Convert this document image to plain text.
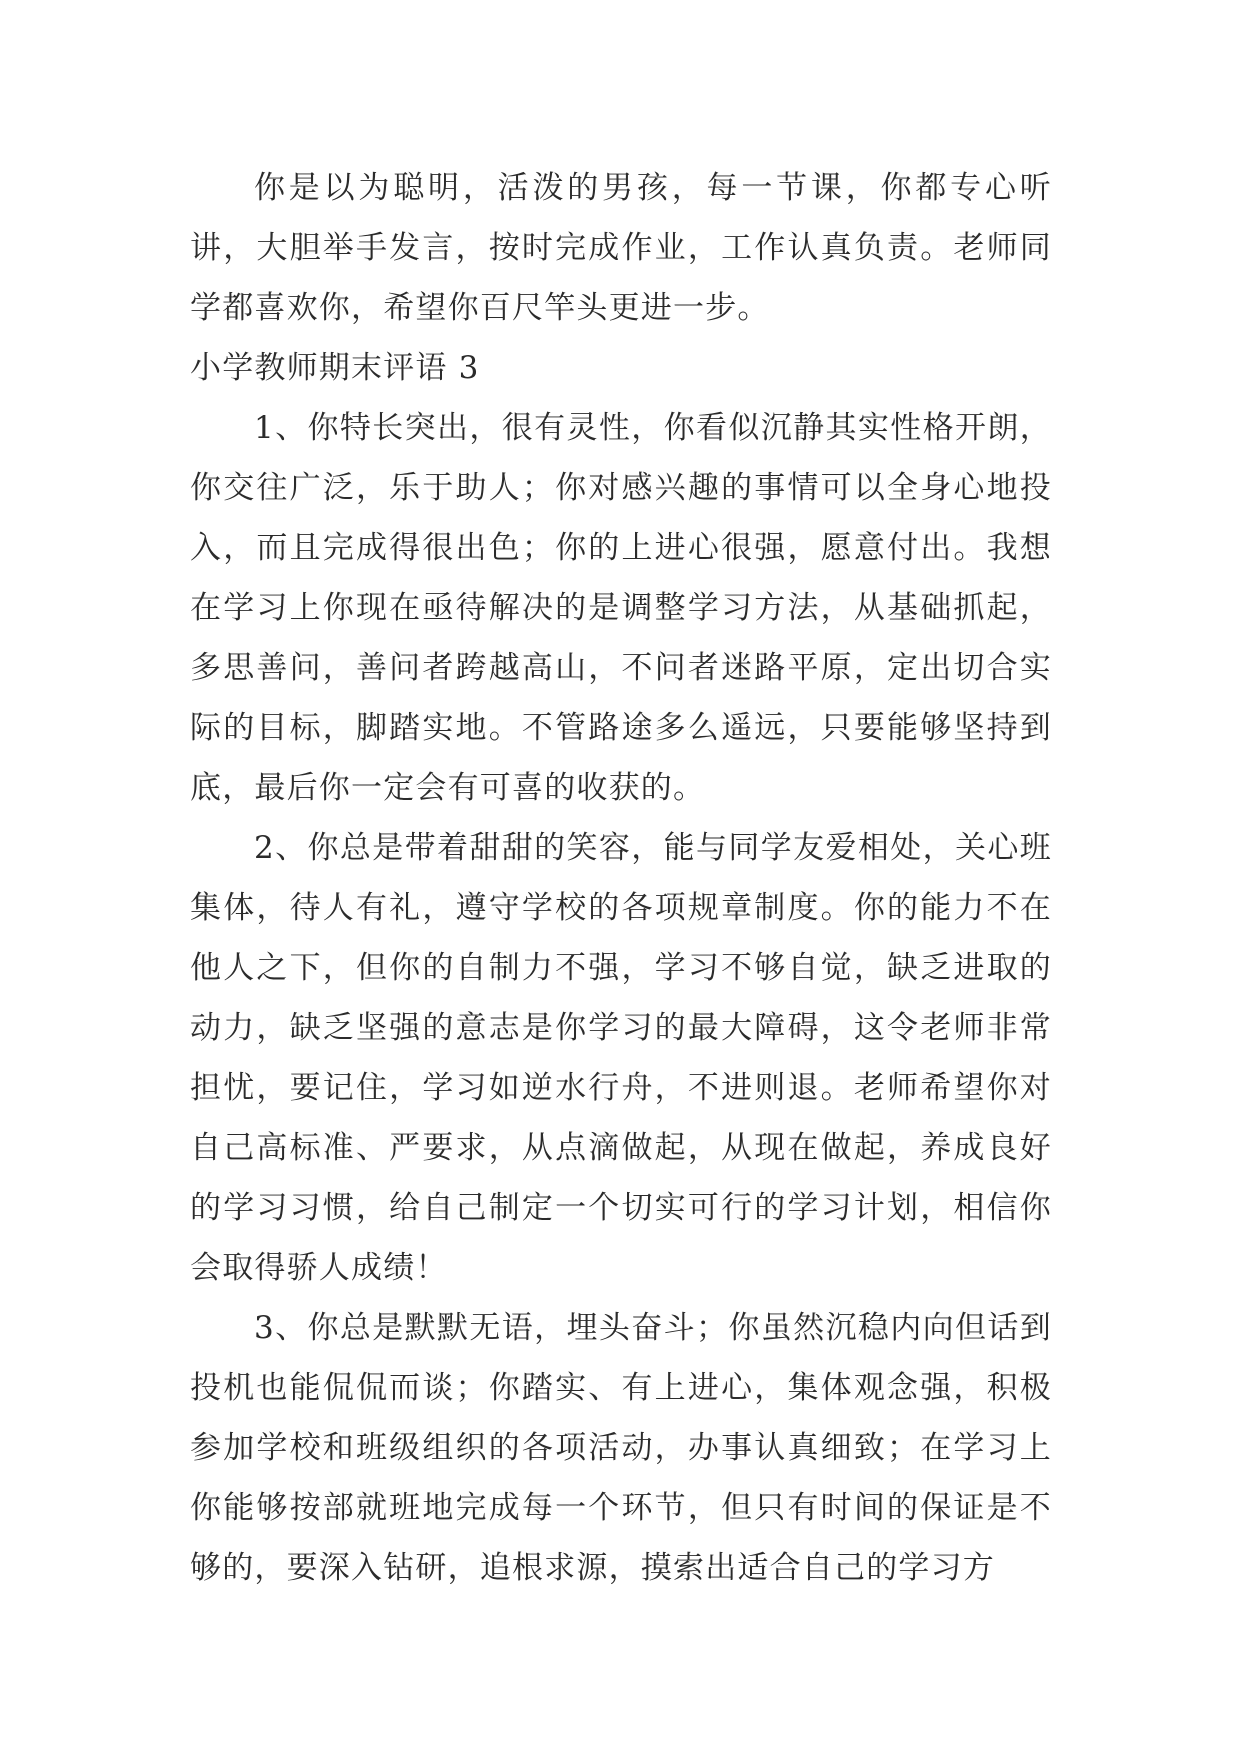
你是以为聪明，活泼的男孩，每一节课，你都专心听讲，大胆举手发言，按时完成作业，工作认真负责。老师同学都喜欢你，希望你百尺竿头更进一步。

小学教师期末评语 3

1、你特长突出，很有灵性，你看似沉静其实性格开朗，你交往广泛，乐于助人；你对感兴趣的事情可以全身心地投入，而且完成得很出色；你的上进心很强，愿意付出。我想在学习上你现在亟待解决的是调整学习方法，从基础抓起，多思善问，善问者跨越高山，不问者迷路平原，定出切合实际的目标，脚踏实地。不管路途多么遥远，只要能够坚持到底，最后你一定会有可喜的收获的。

2、你总是带着甜甜的笑容，能与同学友爱相处，关心班集体，待人有礼，遵守学校的各项规章制度。你的能力不在他人之下，但你的自制力不强，学习不够自觉，缺乏进取的动力，缺乏坚强的意志是你学习的最大障碍，这令老师非常担忧，要记住，学习如逆水行舟，不进则退。老师希望你对自己高标准、严要求，从点滴做起，从现在做起，养成良好的学习习惯，给自己制定一个切实可行的学习计划，相信你会取得骄人成绩！

3、你总是默默无语，埋头奋斗；你虽然沉稳内向但话到投机也能侃侃而谈；你踏实、有上进心，集体观念强，积极参加学校和班级组织的各项活动，办事认真细致；在学习上你能够按部就班地完成每一个环节，但只有时间的保证是不够的，要深入钻研，追根求源，摸索出适合自己的学习方
